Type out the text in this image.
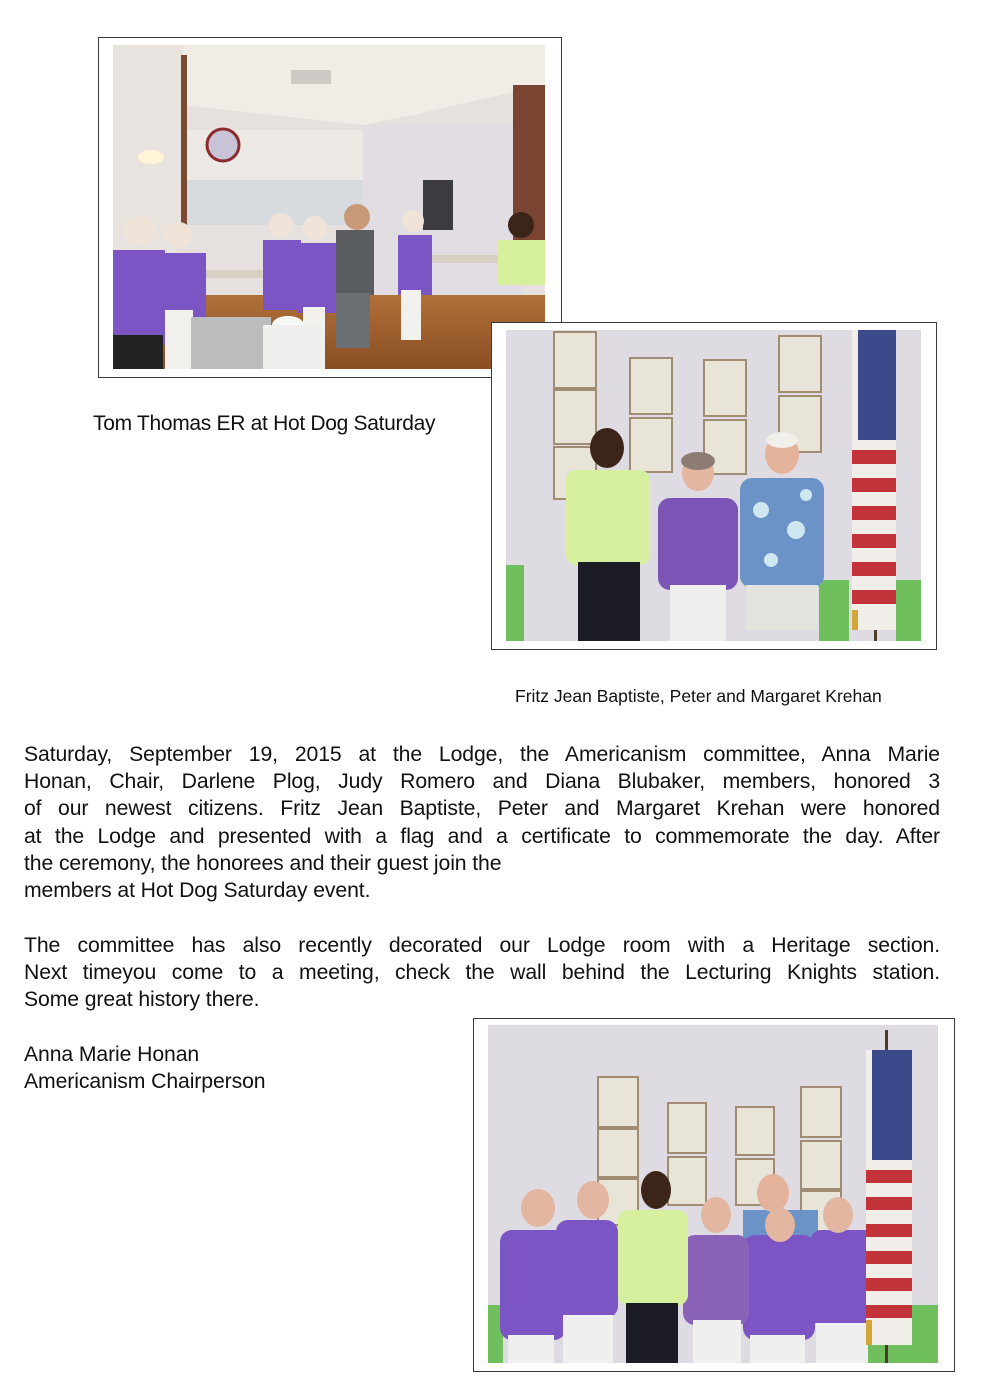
Tom Thomas ER at Hot Dog Saturday
Fritz Jean Baptiste, Peter and Margaret Krehan
Saturday, September 19, 2015 at the Lodge, the Americanism committee, Anna Marie
Honan, Chair, Darlene Plog, Judy Romero and Diana Blubaker, members, honored 3
of our newest citizens. Fritz Jean Baptiste, Peter and Margaret Krehan were honored
at the Lodge and presented with a flag and a certificate to commemorate the day. After
the ceremony, the honorees and their guest join the
members at Hot Dog Saturday event.
The committee has also recently decorated our Lodge room with a Heritage section.
Next timeyou come to a meeting, check the wall behind the Lecturing Knights station.
Some great history there.
Anna Marie Honan
Americanism Chairperson
